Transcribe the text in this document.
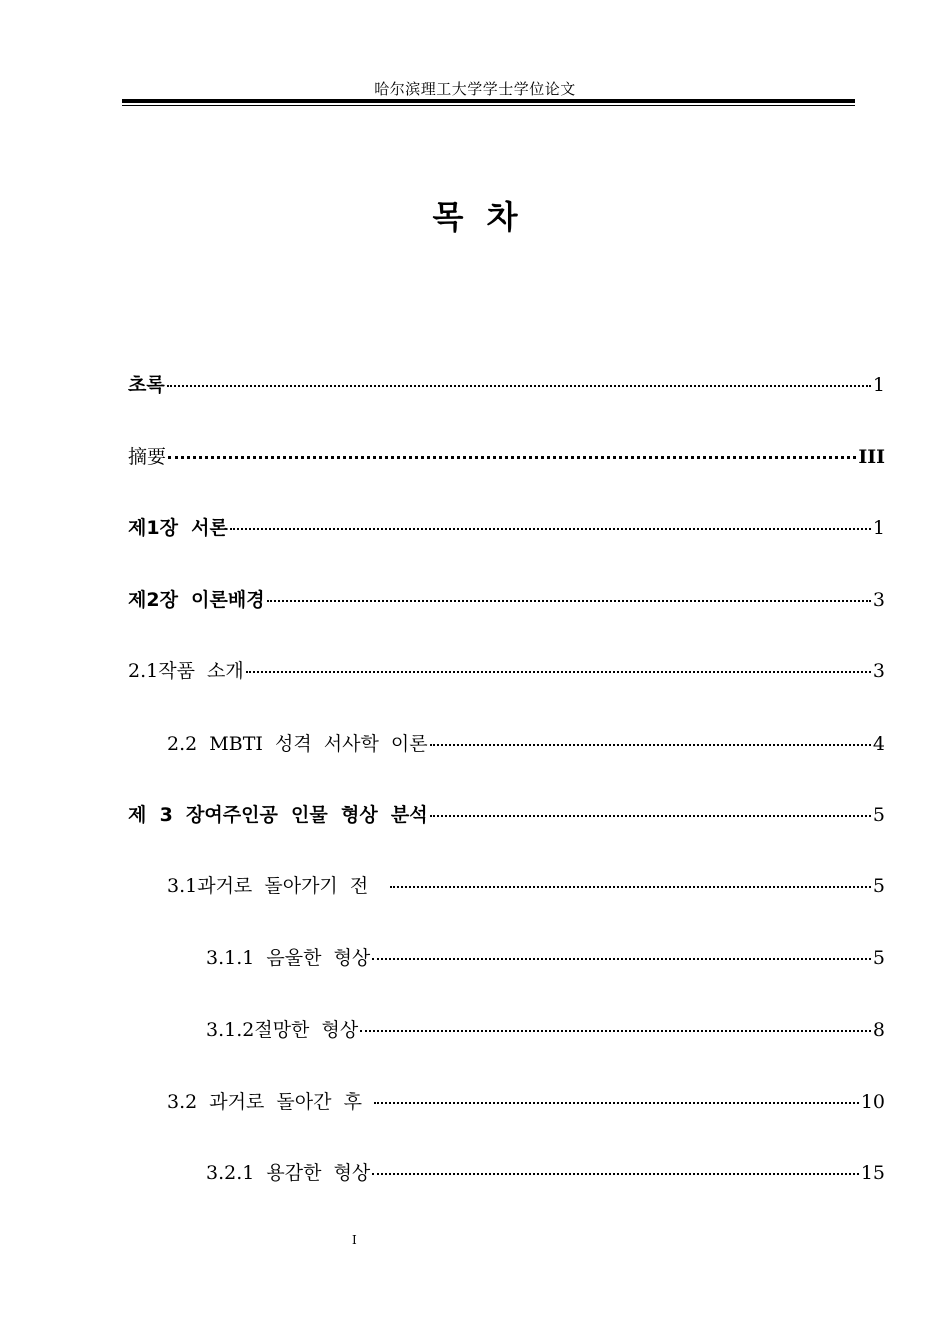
哈尔滨理工大学学士学位论文
목 차
초록	1
摘要	III
제1장  서론	1
제2장  이론배경	3
2.1작품  소개	3
2.2  MBTI  성격  서사학  이론	4
제  3  장여주인공  인물  형상  분석	5
3.1과거로  돌아가기  전	5
3.1.1  음울한  형상	5
3.1.2절망한  형상	8
3.2  과거로  돌아간  후	10
3.2.1  용감한  형상	15
I
